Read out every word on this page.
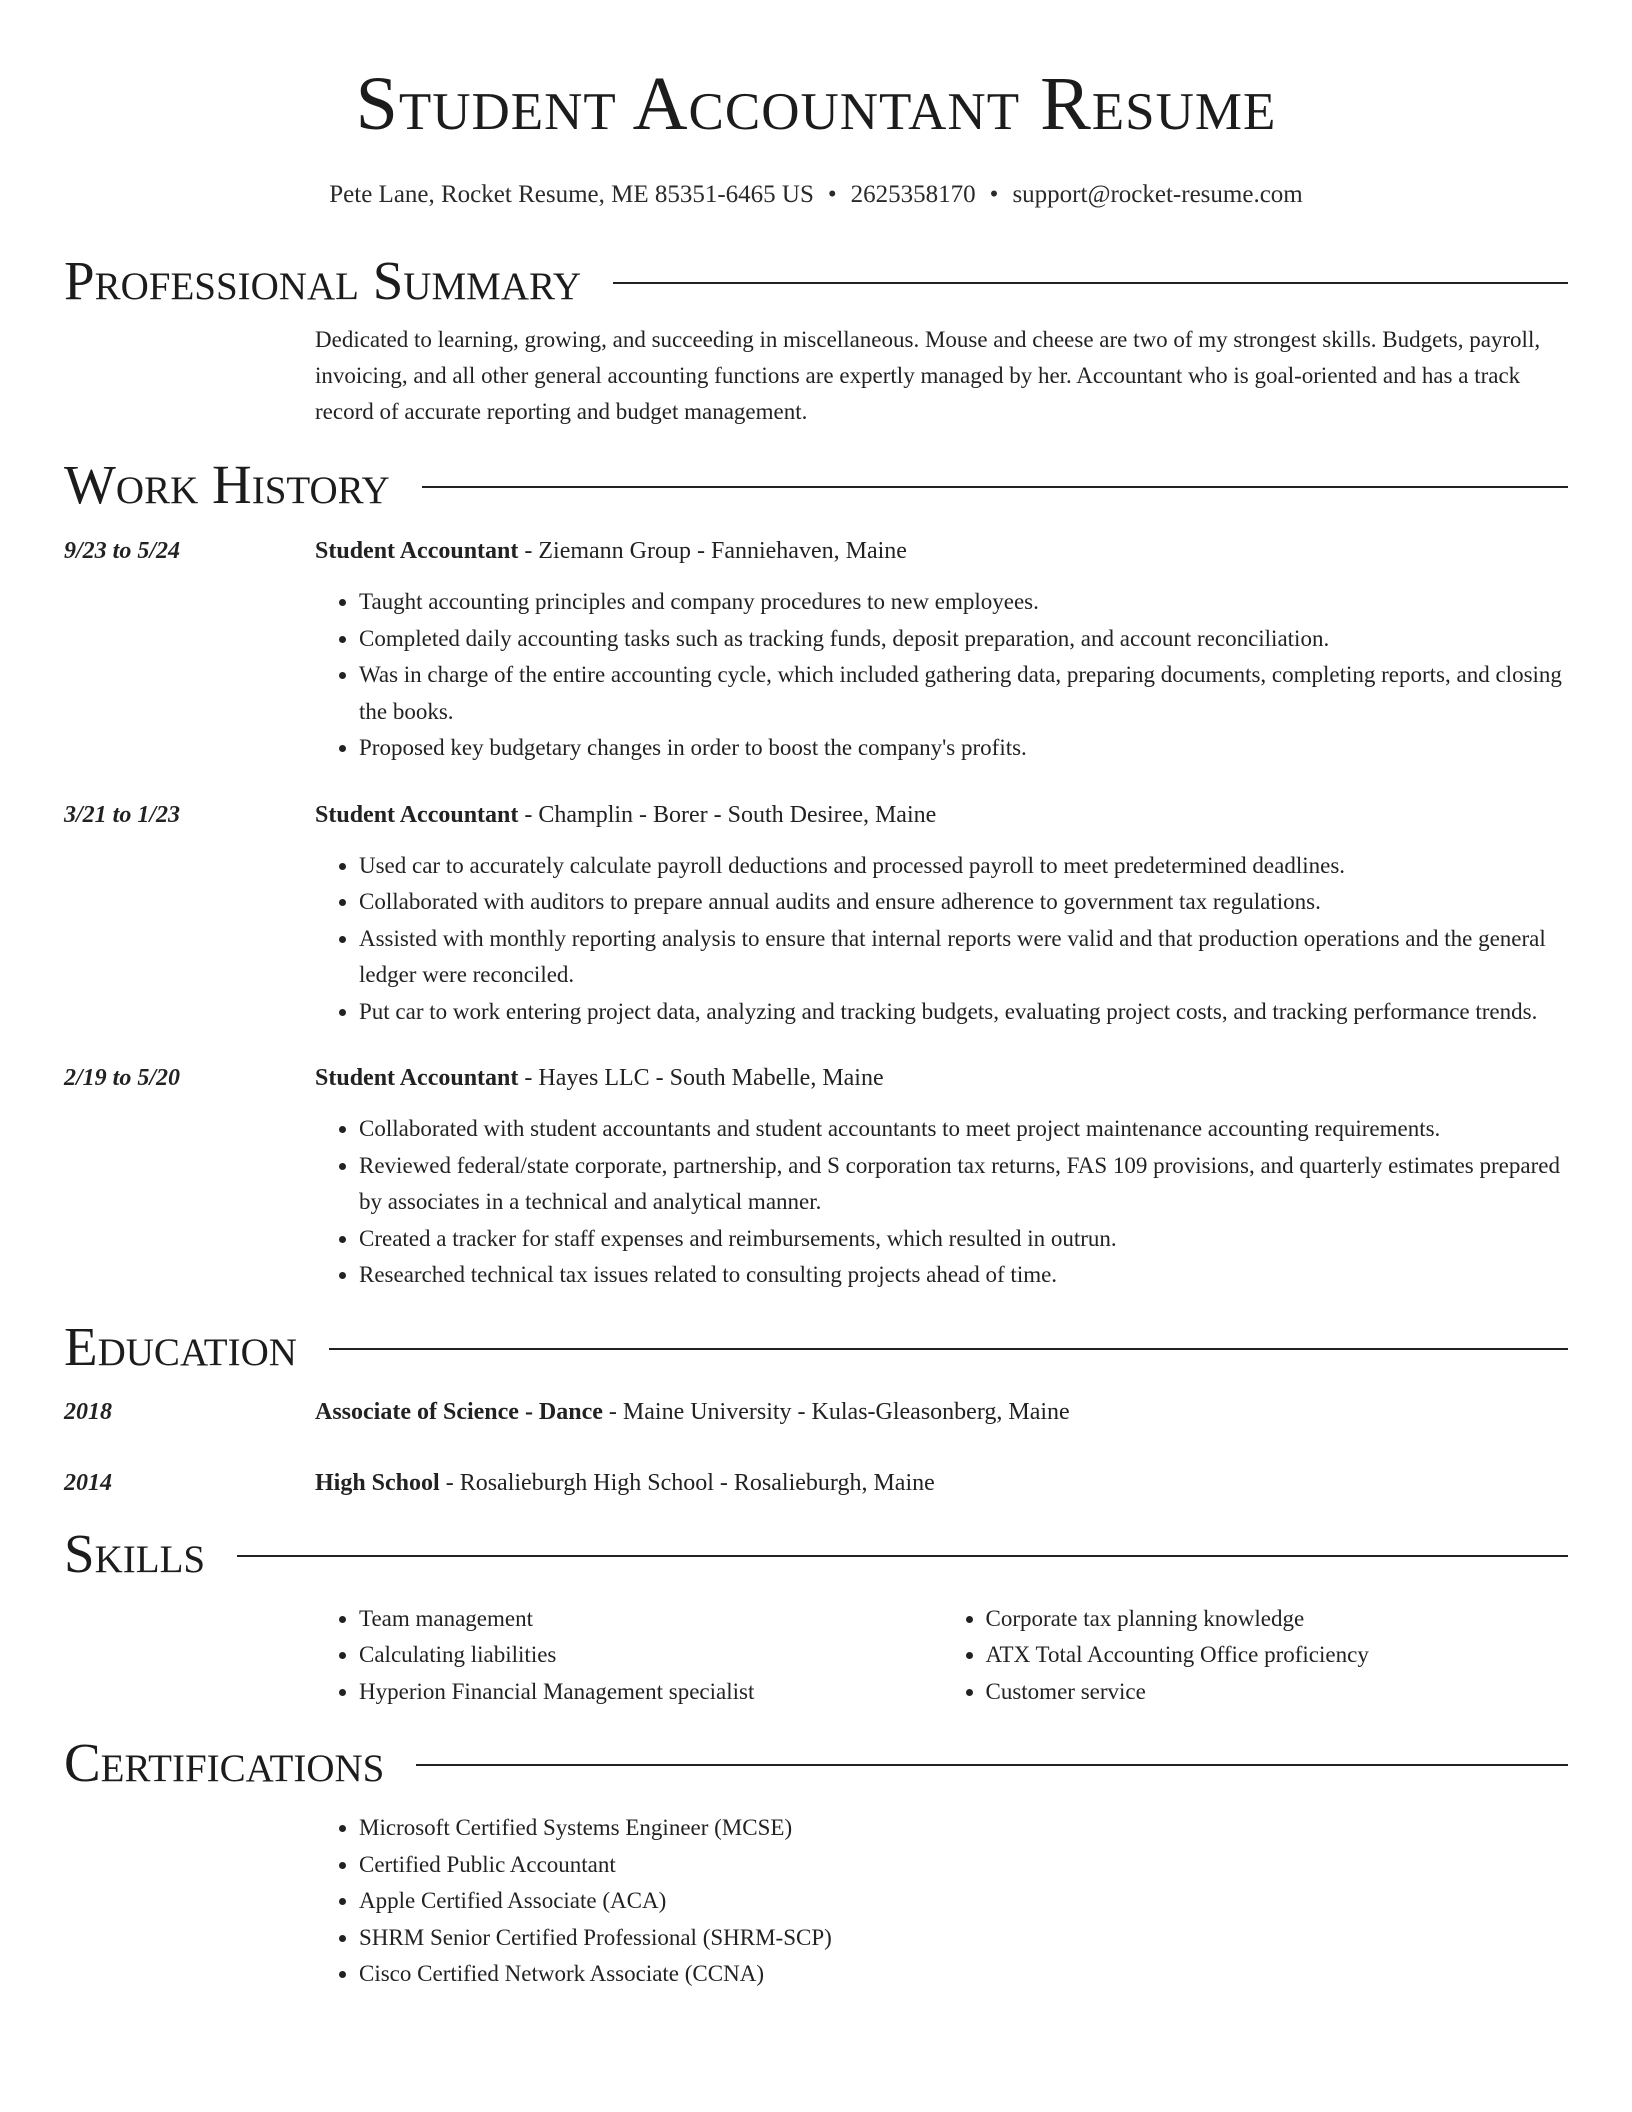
Student Accountant Resume
Pete Lane, Rocket Resume, ME 85351-6465 US • 2625358170 • support@rocket-resume.com
Professional Summary
Dedicated to learning, growing, and succeeding in miscellaneous. Mouse and cheese are two of my strongest skills. Budgets, payroll, invoicing, and all other general accounting functions are expertly managed by her. Accountant who is goal-oriented and has a track record of accurate reporting and budget management.
Work History
9/23 to 5/24	Student Accountant - Ziemann Group - Fanniehaven, Maine
• Taught accounting principles and company procedures to new employees.
• Completed daily accounting tasks such as tracking funds, deposit preparation, and account reconciliation.
• Was in charge of the entire accounting cycle, which included gathering data, preparing documents, completing reports, and closing the books.
• Proposed key budgetary changes in order to boost the company's profits.
3/21 to 1/23	Student Accountant - Champlin - Borer - South Desiree, Maine
• Used car to accurately calculate payroll deductions and processed payroll to meet predetermined deadlines.
• Collaborated with auditors to prepare annual audits and ensure adherence to government tax regulations.
• Assisted with monthly reporting analysis to ensure that internal reports were valid and that production operations and the general ledger were reconciled.
• Put car to work entering project data, analyzing and tracking budgets, evaluating project costs, and tracking performance trends.
2/19 to 5/20	Student Accountant - Hayes LLC - South Mabelle, Maine
• Collaborated with student accountants and student accountants to meet project maintenance accounting requirements.
• Reviewed federal/state corporate, partnership, and S corporation tax returns, FAS 109 provisions, and quarterly estimates prepared by associates in a technical and analytical manner.
• Created a tracker for staff expenses and reimbursements, which resulted in outrun.
• Researched technical tax issues related to consulting projects ahead of time.
Education
2018	Associate of Science - Dance - Maine University - Kulas-Gleasonberg, Maine
2014	High School - Rosalieburgh High School - Rosalieburgh, Maine
Skills
• Team management
• Calculating liabilities
• Hyperion Financial Management specialist
• Corporate tax planning knowledge
• ATX Total Accounting Office proficiency
• Customer service
Certifications
• Microsoft Certified Systems Engineer (MCSE)
• Certified Public Accountant
• Apple Certified Associate (ACA)
• SHRM Senior Certified Professional (SHRM-SCP)
• Cisco Certified Network Associate (CCNA)
